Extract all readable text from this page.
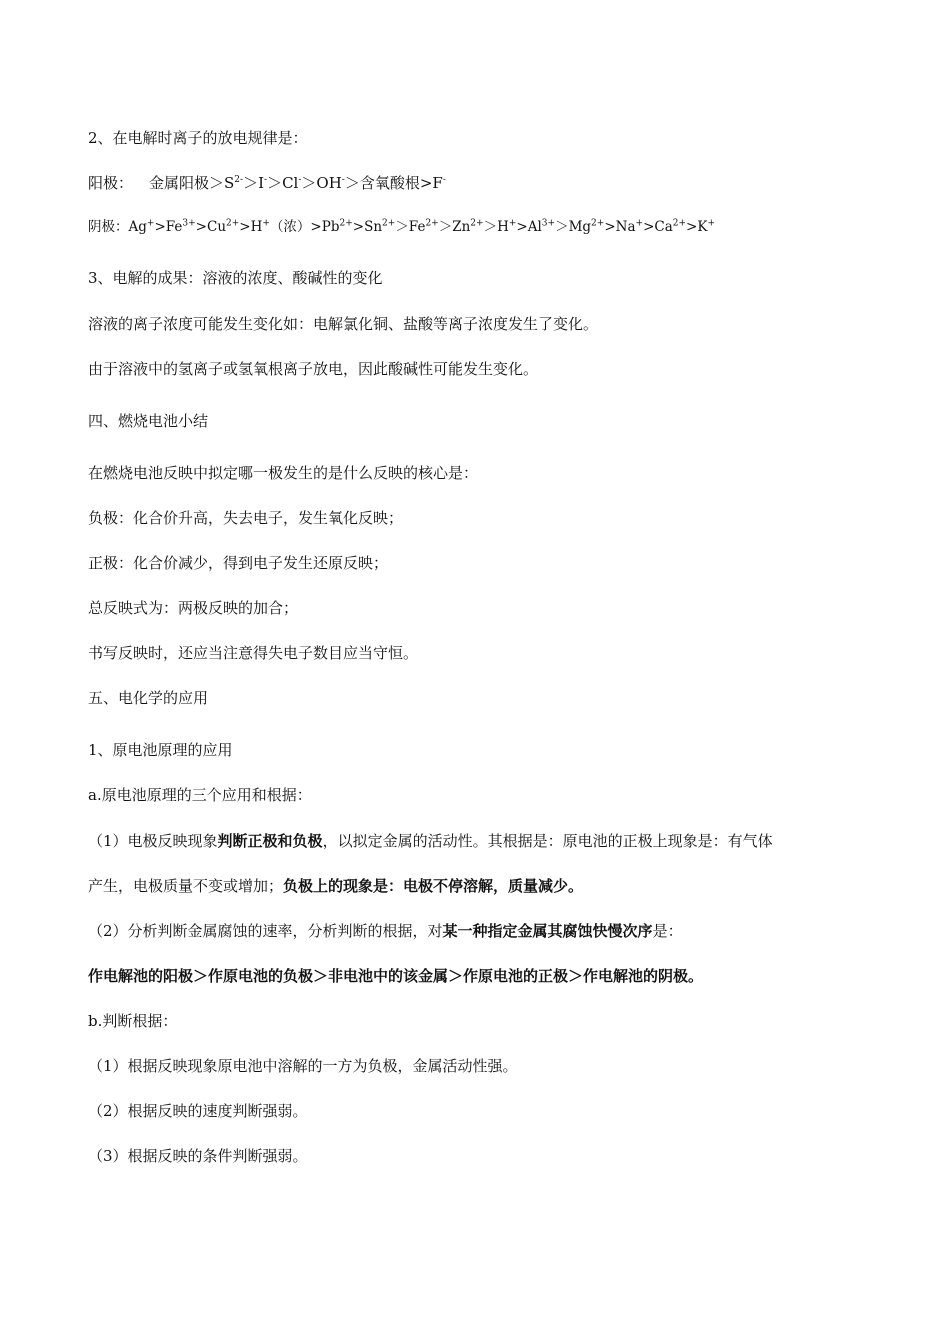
2、在电解时离子的放电规律是：
阳极： 金属阳极$>S^{2-}>I^->Cl^->OH^->$含氧酸根>F-
阴极：$Ag^+>Fe^{3+}>Cu^{2+}>H^+$（浓）$>Pb^{2+}>Sn^{2+}>Fe^{2+}>Zn^{2+}>H^+>Al^{3+}>Mg^{2+}>Na^+>Ca^{2+}>K^+$
3、电解的成果：溶液的浓度、酸碱性的变化
溶液的离子浓度可能发生变化如：电解氯化铜、盐酸等离子浓度发生了变化。
由于溶液中的氢离子或氢氧根离子放电，因此酸碱性可能发生变化。
四、燃烧电池小结
在燃烧电池反映中拟定哪一极发生的是什么反映的核心是：
负极：化合价升高，失去电子，发生氧化反映；
正极：化合价减少，得到电子发生还原反映；
总反映式为：两极反映的加合；
书写反映时，还应当注意得失电子数目应当守恒。
五、电化学的应用
1、原电池原理的应用
a.原电池原理的三个应用和根据：
（1）电极反映现象判断正极和负极，以拟定金属的活动性。其根据是：原电池的正极上现象是：有气体
产生，电极质量不变或增加；负极上的现象是：电极不停溶解，质量减少。
（2）分析判断金属腐蚀的速率，分析判断的根据，对某一种指定金属其腐蚀快慢次序是：
作电解池的阳极＞作原电池的负极＞非电池中的该金属＞作原电池的正极＞作电解池的阴极。
b.判断根据：
（1）根据反映现象原电池中溶解的一方为负极，金属活动性强。
（2）根据反映的速度判断强弱。
（3）根据反映的条件判断强弱。
